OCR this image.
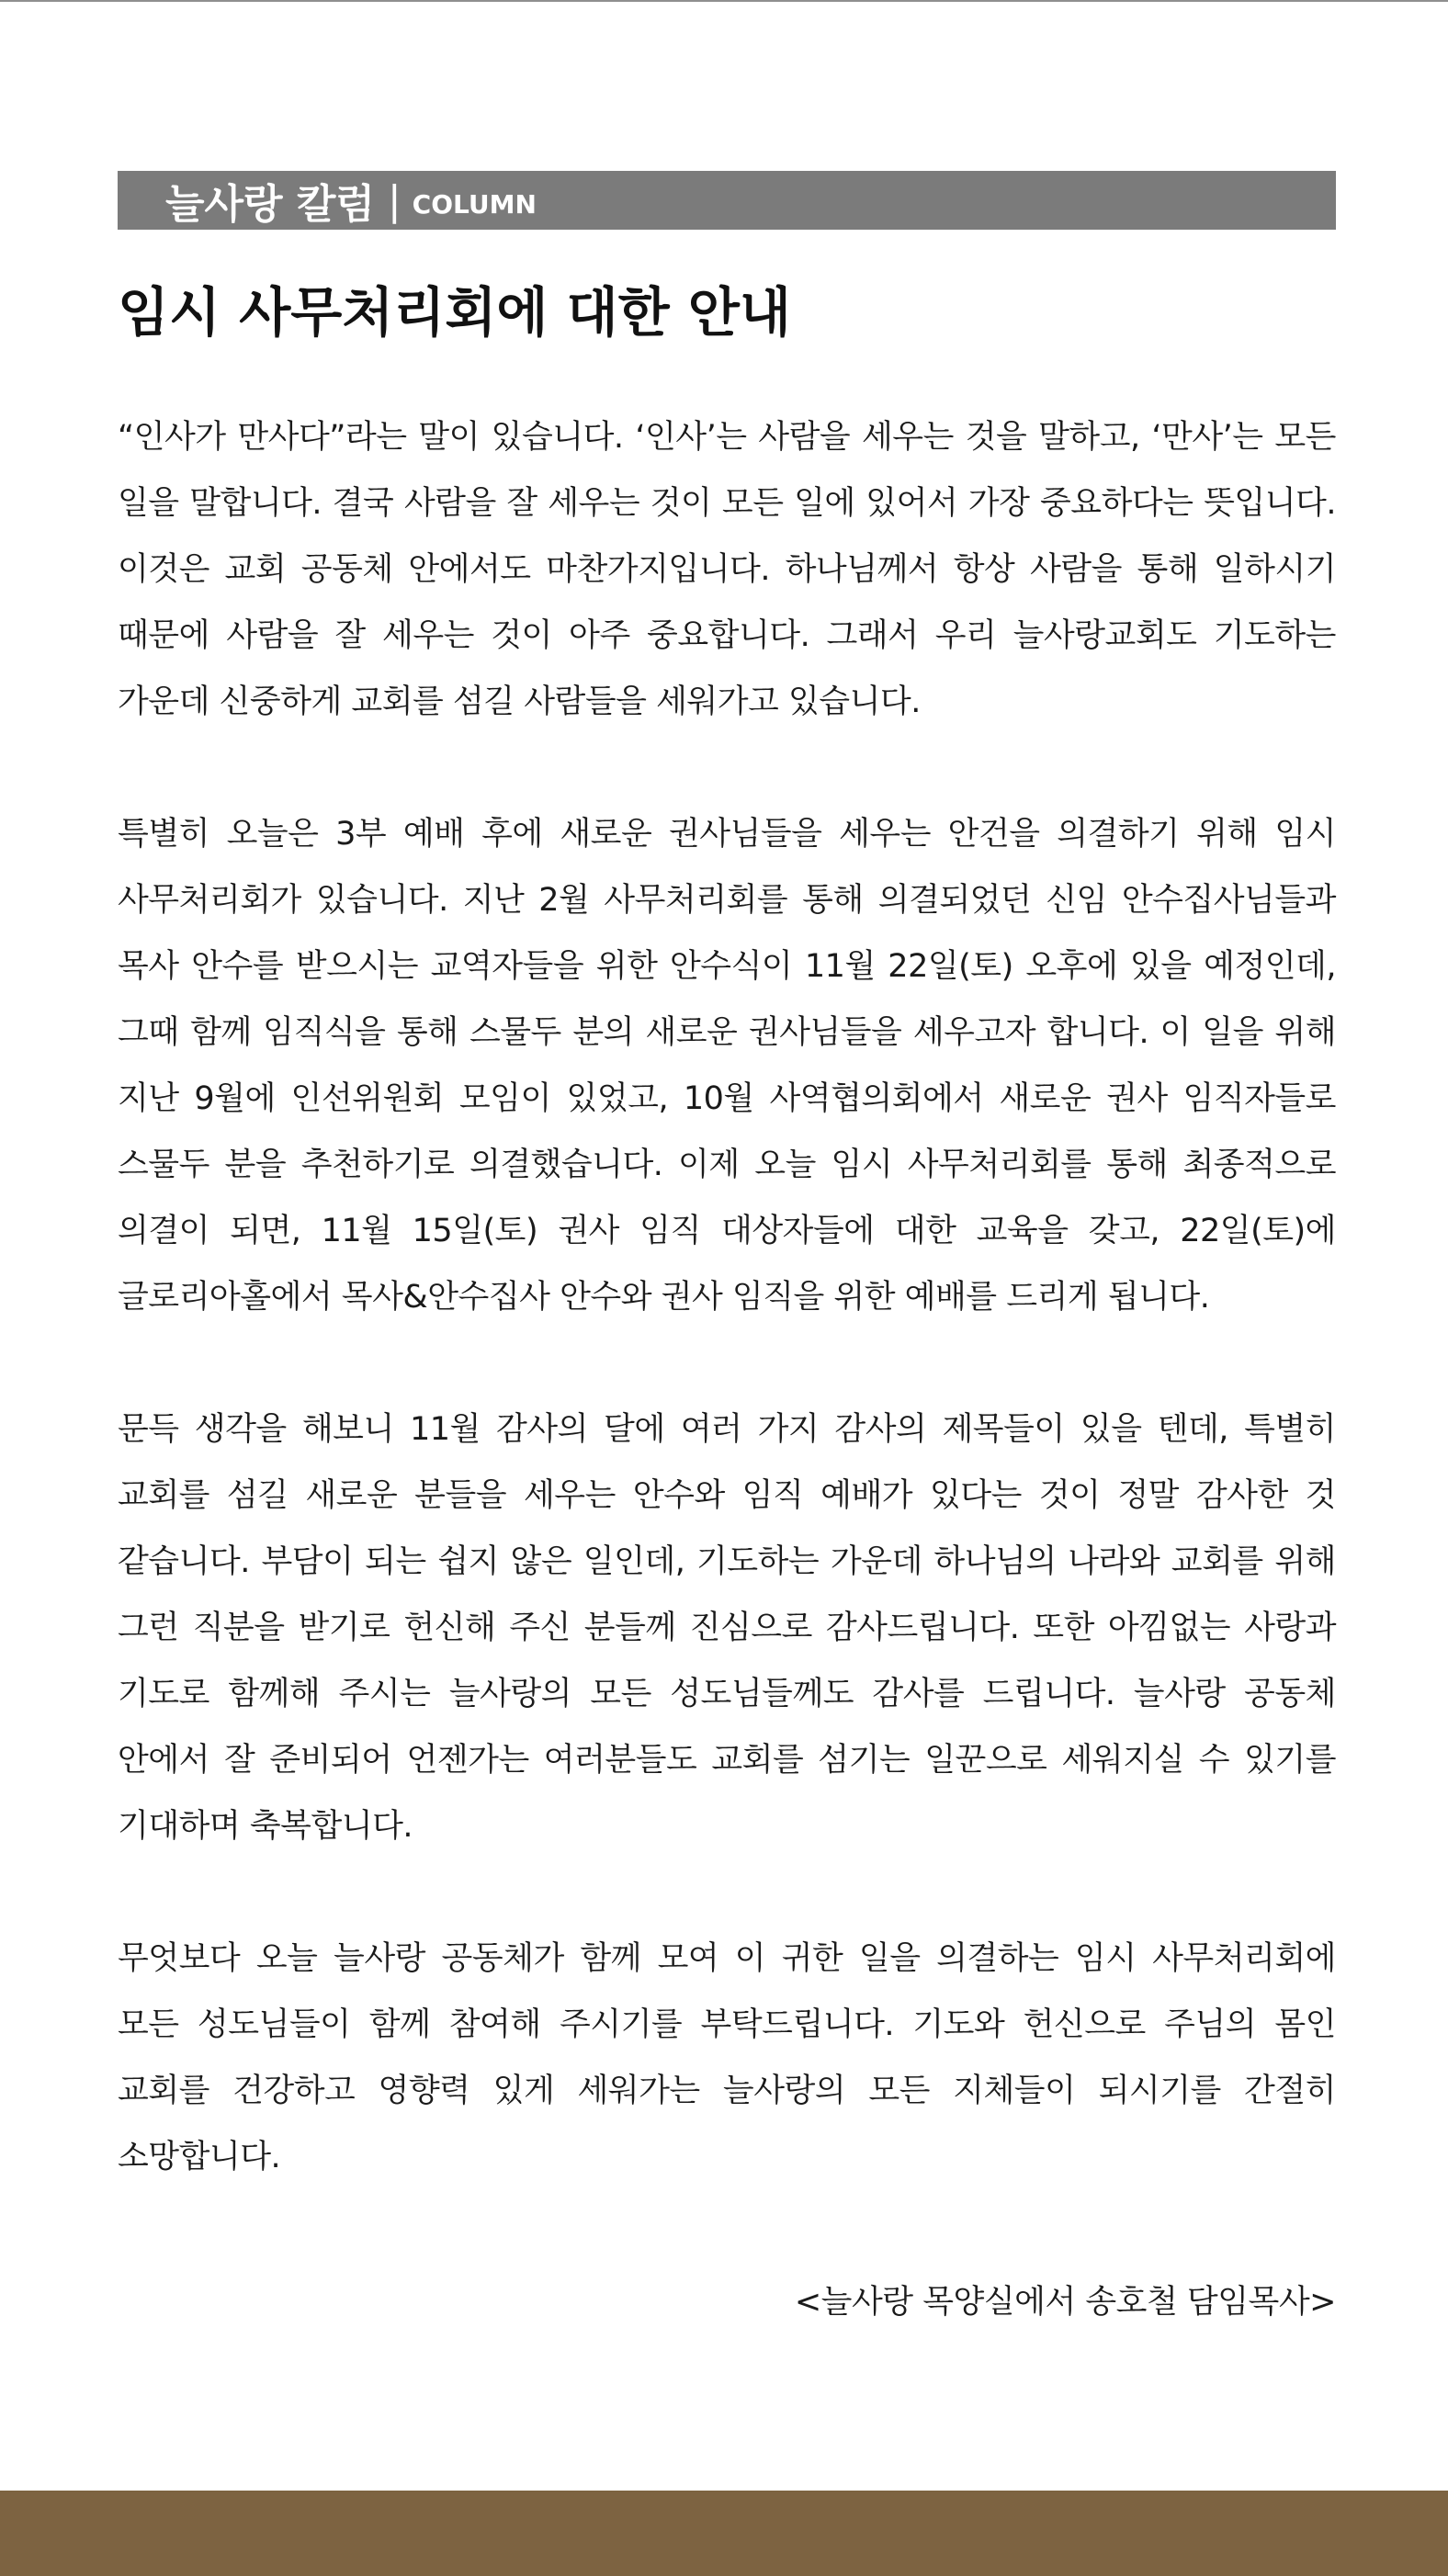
늘사랑 칼럼 | COLUMN
임시 사무처리회에 대한 안내

“인사가 만사다”라는 말이 있습니다. ‘인사’는 사람을 세우는 것을 말하고, ‘만사’는 모든 일을 말합니다. 결국 사람을 잘 세우는 것이 모든 일에 있어서 가장 중요하다는 뜻입니다. 이것은 교회 공동체 안에서도 마찬가지입니다. 하나님께서 항상 사람을 통해 일하시기 때문에 사람을 잘 세우는 것이 아주 중요합니다. 그래서 우리 늘사랑교회도 기도하는 가운데 신중하게 교회를 섬길 사람들을 세워가고 있습니다.

특별히 오늘은 3부 예배 후에 새로운 권사님들을 세우는 안건을 의결하기 위해 임시 사무처리회가 있습니다. 지난 2월 사무처리회를 통해 의결되었던 신임 안수집사님들과 목사 안수를 받으시는 교역자들을 위한 안수식이 11월 22일(토) 오후에 있을 예정인데, 그때 함께 임직식을 통해 스물두 분의 새로운 권사님들을 세우고자 합니다. 이 일을 위해 지난 9월에 인선위원회 모임이 있었고, 10월 사역협의회에서 새로운 권사 임직자들로 스물두 분을 추천하기로 의결했습니다. 이제 오늘 임시 사무처리회를 통해 최종적으로 의결이 되면, 11월 15일(토) 권사 임직 대상자들에 대한 교육을 갖고, 22일(토)에 글로리아홀에서 목사&안수집사 안수와 권사 임직을 위한 예배를 드리게 됩니다.

문득 생각을 해보니 11월 감사의 달에 여러 가지 감사의 제목들이 있을 텐데, 특별히 교회를 섬길 새로운 분들을 세우는 안수와 임직 예배가 있다는 것이 정말 감사한 것 같습니다. 부담이 되는 쉽지 않은 일인데, 기도하는 가운데 하나님의 나라와 교회를 위해 그런 직분을 받기로 헌신해 주신 분들께 진심으로 감사드립니다. 또한 아낌없는 사랑과 기도로 함께해 주시는 늘사랑의 모든 성도님들께도 감사를 드립니다. 늘사랑 공동체 안에서 잘 준비되어 언젠가는 여러분들도 교회를 섬기는 일꾼으로 세워지실 수 있기를 기대하며 축복합니다.

무엇보다 오늘 늘사랑 공동체가 함께 모여 이 귀한 일을 의결하는 임시 사무처리회에 모든 성도님들이 함께 참여해 주시기를 부탁드립니다. 기도와 헌신으로 주님의 몸인 교회를 건강하고 영향력 있게 세워가는 늘사랑의 모든 지체들이 되시기를 간절히 소망합니다.

<늘사랑 목양실에서 송호철 담임목사>
